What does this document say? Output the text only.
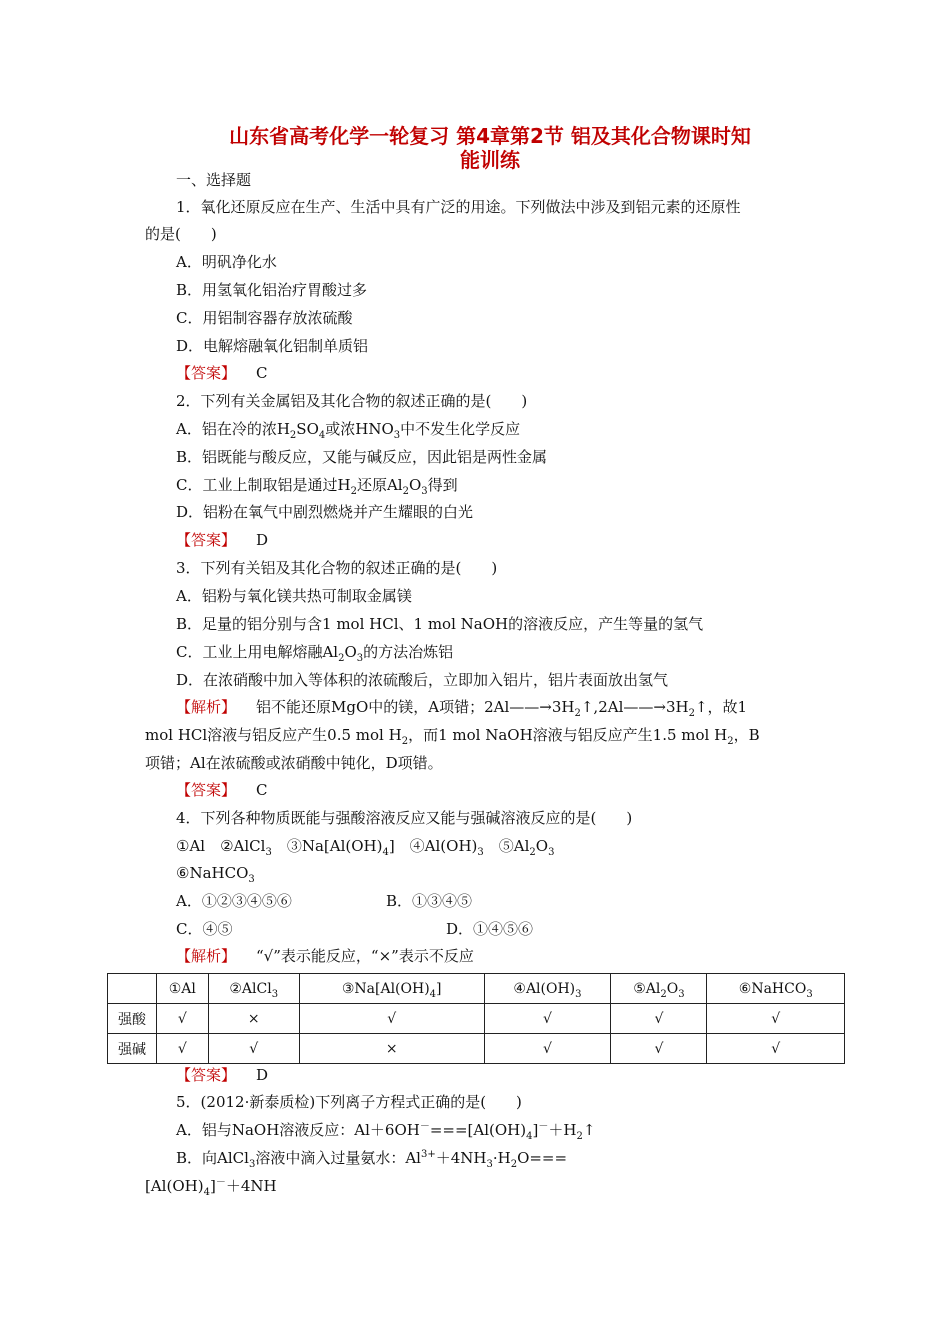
山东省高考化学一轮复习 第4章第2节 铝及其化合物课时知
能训练
一、选择题
1．氧化还原反应在生产、生活中具有广泛的用途。下列做法中涉及到铝元素的还原性
的是(　　)
A．明矾净化水
B．用氢氧化铝治疗胃酸过多
C．用铝制容器存放浓硫酸
D．电解熔融氧化铝制单质铝
【答案】 C
2．下列有关金属铝及其化合物的叙述正确的是(　　)
A．铝在冷的浓$H_2SO_4$或浓$HNO_3$中不发生化学反应
B．铝既能与酸反应，又能与碱反应，因此铝是两性金属
C．工业上制取铝是通过$H_2$还原$Al_2O_3$得到
D．铝粉在氧气中剧烈燃烧并产生耀眼的白光
【答案】 D
3．下列有关铝及其化合物的叙述正确的是(　　)
A．铝粉与氧化镁共热可制取金属镁
B．足量的铝分别与含1 mol HCl、1 mol NaOH的溶液反应，产生等量的氢气
C．工业上用电解熔融$Al_2O_3$的方法冶炼铝
D．在浓硝酸中加入等体积的浓硫酸后，立即加入铝片，铝片表面放出氢气
【解析】 铝不能还原MgO中的镁，A项错；$2Al——\to 3H_2↑,2Al——\to 3H_2↑$，故1
mol HCl溶液与铝反应产生0.5 mol $H_2$，而1 mol NaOH溶液与铝反应产生1.5 mol $H_2$，B
项错；Al在浓硫酸或浓硝酸中钝化，D项错。
【答案】 C
4．下列各种物质既能与强酸溶液反应又能与强碱溶液反应的是(　　)
①Al　②AlCl$_3$　$③Na[Al(OH)_4]$　$④Al(OH)_3$　$⑤Al_2O_3$
⑥NaHCO$_3$
A．①②③④⑤⑥	B．①③④⑤
C．④⑤	D．①④⑤⑥
【解析】 “√”表示能反应，“×”表示不反应
	①Al	②AlCl$_3$	$③Na[Al(OH)_4]$	$④Al(OH)_3$	$⑤Al_2O_3$	⑥NaHCO$_3$
强酸	√	×	√	√	√	√
强碱	√	√	×	√	√	√
【答案】 D
5．(2012·新泰质检)下列离子方程式正确的是(　　)
A．铝与NaOH溶液反应：$Al+6OH^-===[Al(OH)_4]^-+H_2↑$
B．向AlCl$_3$溶液中滴入过量氨水：$Al^{3+}+4NH_3\cdot H_2O===$
$[Al(OH)_4]^-+4NH$
